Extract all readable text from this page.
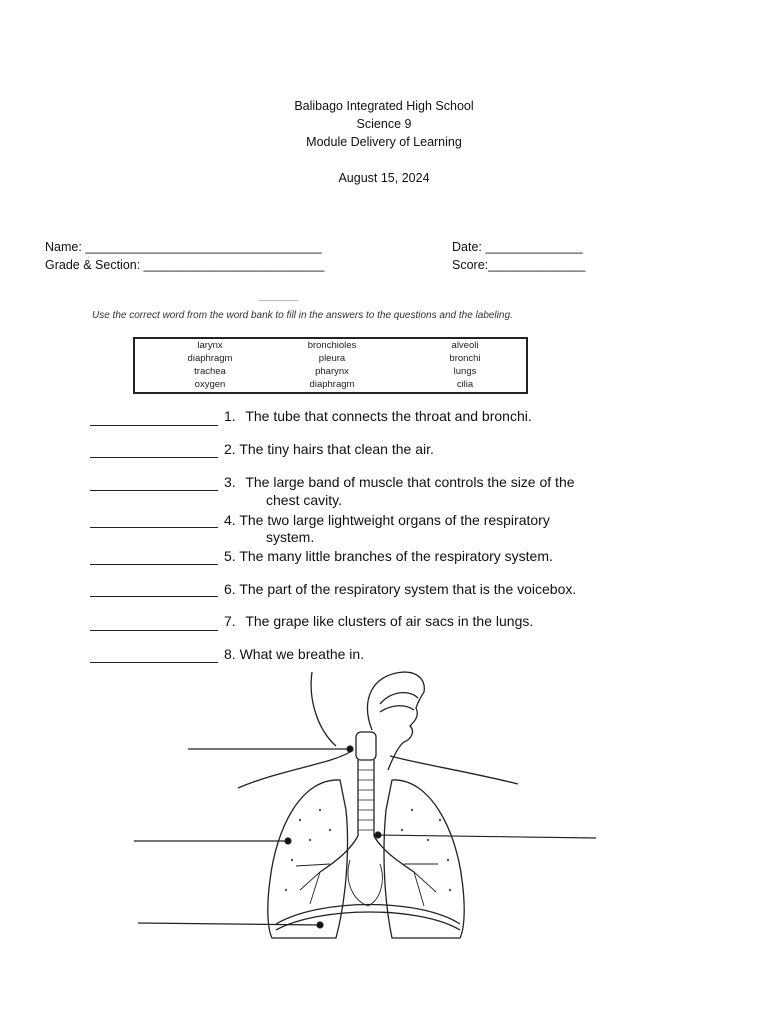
Balibago Integrated High School
Science 9
Module Delivery of Learning
August 15, 2024
Name: __________________________________
Grade & Section: __________________________
Date: ______________
Score:______________
Use the correct word from the word bank to fill in the answers to the questions and the labeling.
larynx	bronchioles	alveoli
diaphragm	pleura	bronchi
trachea	pharynx	lungs
oxygen	diaphragm	cilia
1. The tube that connects the throat and bronchi.
2. The tiny hairs that clean the air.
3. The large band of muscle that controls the size of the
chest cavity.
4. The two large lightweight organs of the respiratory
system.
5. The many little branches of the respiratory system.
6. The part of the respiratory system that is the voicebox.
7. The grape like clusters of air sacs in the lungs.
8. What we breathe in.
